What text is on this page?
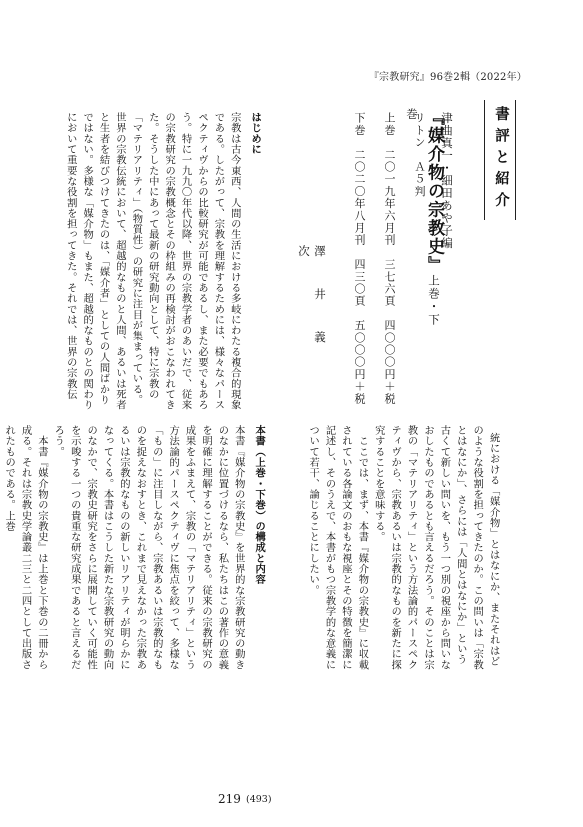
『宗教研究』96巻2輯（2022年）
書評と紹介
津曲真一・細田あや子編
『媒介物の宗教史』上巻・下巻
リトン　Ａ５判
上巻　二〇一九年六月刊　三七六頁　四〇〇〇円＋税
下巻　二〇二〇年八月刊　四三〇頁　五〇〇〇円＋税
澤　井　義　次

はじめに
宗教は古今東西、人間の生活における多岐にわたる複合的現象である。したがって、宗教を理解するためには、様々なパースペクティヴからの比較研究が可能であるし、また必要でもあろう。特に一九九〇年代以降、世界の宗教学者のあいだで、従来の宗教研究の宗教概念とその枠組みの再検討がおこなわれてきた。そうした中にあって最新の研究動向として、特に宗教の「マテリアリティ」（物質性）の研究に注目が集まっている。世界の宗教伝統において、超越的なものと人間、あるいは死者と生者を結びつけてきたのは、「媒介者」としての人間ばかりではない。多様な「媒介物」もまた、超越的なものとの関わりにおいて重要な役割を担ってきた。それでは、世界の宗教伝

統における「媒介物」とはなにか、またそれはどのような役割を担ってきたのか。この問いは「宗教とはなにか」、さらには「人間とはなにか」という古くて新しい問いを、もう一つ別の視座から問いなおしたものであるとも言えるだろう。そのことは宗教の「マテリアリティ」という方法論的パースペクティヴから、宗教あるいは宗教的なものを新たに探究することを意味する。
　ここでは、まず、本書『媒介物の宗教史』に収載されている各論文のおもな視座とその特徴を簡潔に記述し、そのうえで、本書がもつ宗教学的な意義について若干、論じることにしたい。

本書（上巻・下巻）の構成と内容
本書『媒介物の宗教史』を世界的な宗教研究の動きのなかに位置づけるなら、私たちはこの著作の意義を明確に理解することができる。従来の宗教研究の成果をふまえて、宗教の「マテリアリティ」という方法論的パースペクティヴに焦点を絞って、多様な「もの」に注目しながら、宗教あるいは宗教的なものを捉えなおすとき、これまで見えなかった宗教あるいは宗教的なものの新しいリアリティが明らかになってくる。本書はこうした新たな宗教研究の動向のなかで、宗教史研究をさらに展開していく可能性を示唆する一つの貴重な研究成果であると言えるだろう。
　本書『媒介物の宗教史』は上巻と下巻の二冊から成る。それは宗教史学論叢二三と二四として出版されたものである。上巻

219 (493)
